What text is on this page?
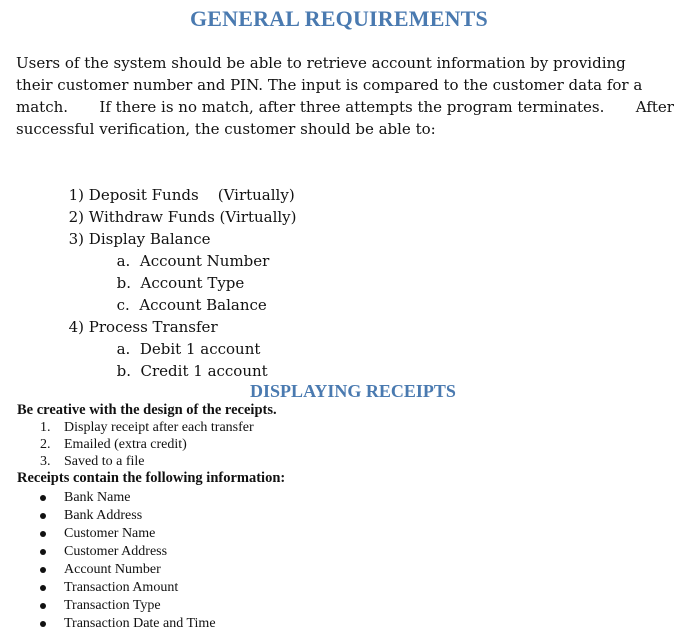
GENERAL REQUIREMENTS
Users of the system should be able to retrieve account information by providing
their customer number and PIN. The input is compared to the customer data for a
match. If there is no match, after three attempts the program terminates. After
successful verification, the customer should be able to:

1) Deposit Funds    (Virtually)

2) Withdraw Funds (Virtually)

3) Display Balance

a. Account Number

b. Account Type

c. Account Balance

4) Process Transfer

a. Debit 1 account

b. Credit 1 account

DISPLAYING RECEIPTS
Be creative with the design of the receipts.
1. Display receipt after each transfer
2. Emailed (extra credit)
3. Saved to a file
Receipts contain the following information:
Bank Name
Bank Address
Customer Name
Customer Address
Account Number
Transaction Amount
Transaction Type
Transaction Date and Time
